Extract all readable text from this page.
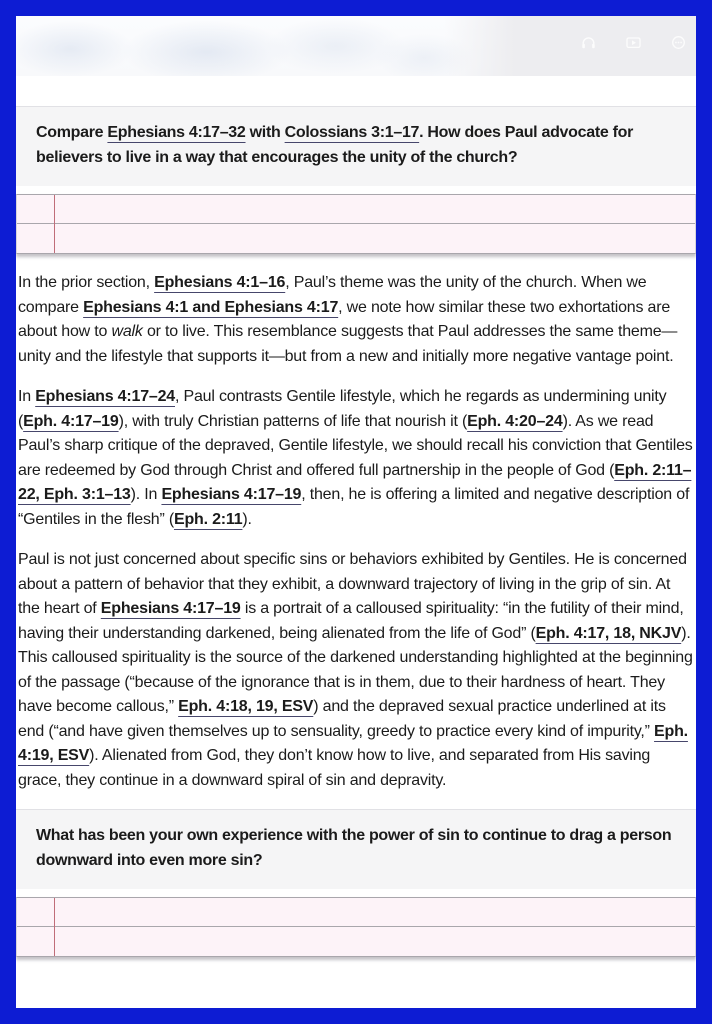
Compare Ephesians 4:17–32 with Colossians 3:1–17. How does Paul advocate for believers to live in a way that encourages the unity of the church?

In the prior section, Ephesians 4:1–16, Paul’s theme was the unity of the church. When we compare Ephesians 4:1 and Ephesians 4:17, we note how similar these two exhortations are about how to walk or to live. This resemblance suggests that Paul addresses the same theme—unity and the lifestyle that supports it—but from a new and initially more negative vantage point.

In Ephesians 4:17–24, Paul contrasts Gentile lifestyle, which he regards as undermining unity (Eph. 4:17–19), with truly Christian patterns of life that nourish it (Eph. 4:20–24). As we read Paul’s sharp critique of the depraved, Gentile lifestyle, we should recall his conviction that Gentiles are redeemed by God through Christ and offered full partnership in the people of God (Eph. 2:11–22, Eph. 3:1–13). In Ephesians 4:17–19, then, he is offering a limited and negative description of “Gentiles in the flesh” (Eph. 2:11).

Paul is not just concerned about specific sins or behaviors exhibited by Gentiles. He is concerned about a pattern of behavior that they exhibit, a downward trajectory of living in the grip of sin. At the heart of Ephesians 4:17–19 is a portrait of a calloused spirituality: “in the futility of their mind, having their understanding darkened, being alienated from the life of God” (Eph. 4:17, 18, NKJV). This calloused spirituality is the source of the darkened understanding highlighted at the beginning of the passage (“because of the ignorance that is in them, due to their hardness of heart. They have become callous,” Eph. 4:18, 19, ESV) and the depraved sexual practice underlined at its end (“and have given themselves up to sensuality, greedy to practice every kind of impurity,” Eph. 4:19, ESV). Alienated from God, they don’t know how to live, and separated from His saving grace, they continue in a downward spiral of sin and depravity.

What has been your own experience with the power of sin to continue to drag a person downward into even more sin?
